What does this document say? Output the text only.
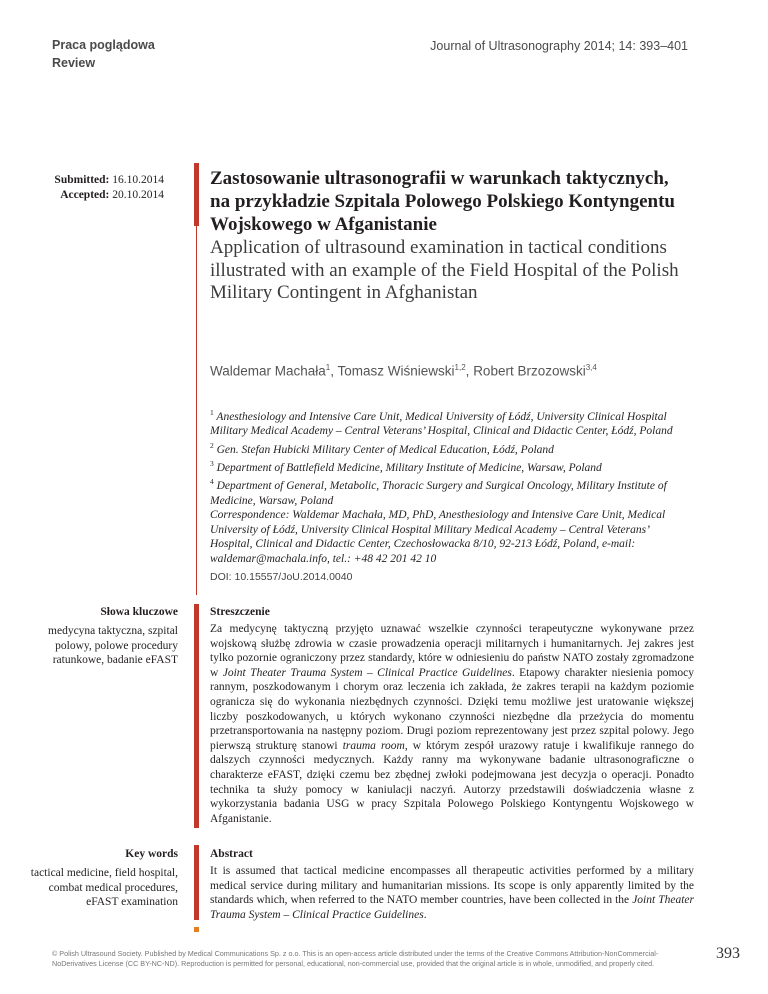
Praca poglądowa
Review
Journal of Ultrasonography 2014; 14: 393–401
Submitted: 16.10.2014
Accepted: 20.10.2014
Zastosowanie ultrasonografii w warunkach taktycznych, na przykładzie Szpitala Polowego Polskiego Kontyngentu Wojskowego w Afganistanie
Application of ultrasound examination in tactical conditions illustrated with an example of the Field Hospital of the Polish Military Contingent in Afghanistan
Waldemar Machała$^1$, Tomasz Wiśniewski$^{1,2}$, Robert Brzozowski$^{3,4}$
$^1$ Anesthesiology and Intensive Care Unit, Medical University of Łódź, University Clinical Hospital Military Medical Academy – Central Veterans’ Hospital, Clinical and Didactic Center, Łódź, Poland
$^2$ Gen. Stefan Hubicki Military Center of Medical Education, Łódź, Poland
$^3$ Department of Battlefield Medicine, Military Institute of Medicine, Warsaw, Poland
$^4$ Department of General, Metabolic, Thoracic Surgery and Surgical Oncology, Military Institute of Medicine, Warsaw, Poland
Correspondence: Waldemar Machała, MD, PhD, Anesthesiology and Intensive Care Unit, Medical University of Łódź, University Clinical Hospital Military Medical Academy – Central Veterans’ Hospital, Clinical and Didactic Center, Czechosłowacka 8/10, 92-213 Łódź, Poland, e-mail: waldemar@machala.info, tel.: +48 42 201 42 10
DOI: 10.15557/JoU.2014.0040
Słowa kluczowe
medycyna taktyczna, szpital polowy, polowe procedury ratunkowe, badanie eFAST
Streszczenie
Za medycynę taktyczną przyjęto uznawać wszelkie czynności terapeutyczne wykonywane przez wojskową służbę zdrowia w czasie prowadzenia operacji militarnych i humanitarnych. Jej zakres jest tylko pozornie ograniczony przez standardy, które w odniesieniu do państw NATO zostały zgromadzone w Joint Theater Trauma System – Clinical Practice Guidelines. Etapowy charakter niesienia pomocy rannym, poszkodowanym i chorym oraz leczenia ich zakłada, że zakres terapii na każdym poziomie ogranicza się do wykonania niezbędnych czynności. Dzięki temu możliwe jest uratowanie większej liczby poszkodowanych, u których wykonano czynności niezbędne dla przeżycia do momentu przetransportowania na następny poziom. Drugi poziom reprezentowany jest przez szpital polowy. Jego pierwszą strukturę stanowi trauma room, w którym zespół urazowy ratuje i kwalifikuje rannego do dalszych czynności medycznych. Każdy ranny ma wykonywane badanie ultrasonograficzne o charakterze eFAST, dzięki czemu bez zbędnej zwłoki podejmowana jest decyzja o operacji. Ponadto technika ta służy pomocy w kaniulacji naczyń. Autorzy przedstawili doświadczenia własne z wykorzystania badania USG w pracy Szpitala Polowego Polskiego Kontyngentu Wojskowego w Afganistanie.
Key words
tactical medicine, field hospital, combat medical procedures, eFAST examination
Abstract
It is assumed that tactical medicine encompasses all therapeutic activities performed by a military medical service during military and humanitarian missions. Its scope is only apparently limited by the standards which, when referred to the NATO member countries, have been collected in the Joint Theater Trauma System – Clinical Practice Guidelines.
© Polish Ultrasound Society. Published by Medical Communications Sp. z o.o. This is an open-access article distributed under the terms of the Creative Commons Attribution-NonCommercial-NoDerivatives License (CC BY-NC-ND). Reproduction is permitted for personal, educational, non-commercial use, provided that the original article is in whole, unmodified, and properly cited.
393
